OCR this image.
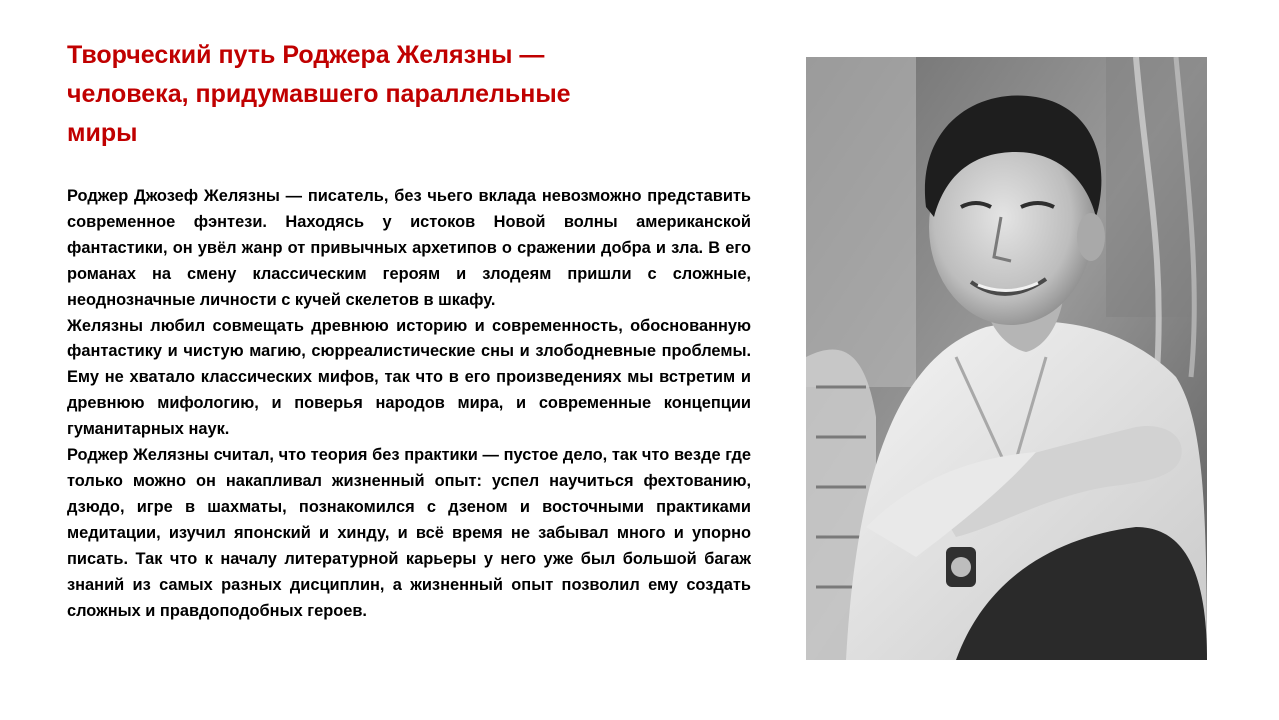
Творческий путь Роджера Желязны —
человека, придумавшего параллельные
миры

Роджер Джозеф Желязны — писатель, без чьего вклада невозможно представить современное фэнтези. Находясь у истоков Новой волны американской фантастики, он увёл жанр от привычных архетипов о сражении добра и зла. В его романах на смену классическим героям и злодеям пришли с сложные, неоднозначные личности с кучей скелетов в шкафу.

Желязны любил совмещать древнюю историю и современность, обоснованную фантастику и чистую магию, сюрреалистические сны и злободневные проблемы. Ему не хватало классических мифов, так что в его произведениях мы встретим и древнюю мифологию, и поверья народов мира, и современные концепции гуманитарных наук.

Роджер Желязны считал, что теория без практики — пустое дело, так что везде где только можно он накапливал жизненный опыт: успел научиться фехтованию, дзюдо, игре в шахматы, познакомился с дзеном и восточными практиками медитации, изучил японский и хинду, и всё время не забывал много и упорно писать. Так что к началу литературной карьеры у него уже был большой багаж знаний из самых разных дисциплин, а жизненный опыт позволил ему создать сложных и правдоподобных героев.
